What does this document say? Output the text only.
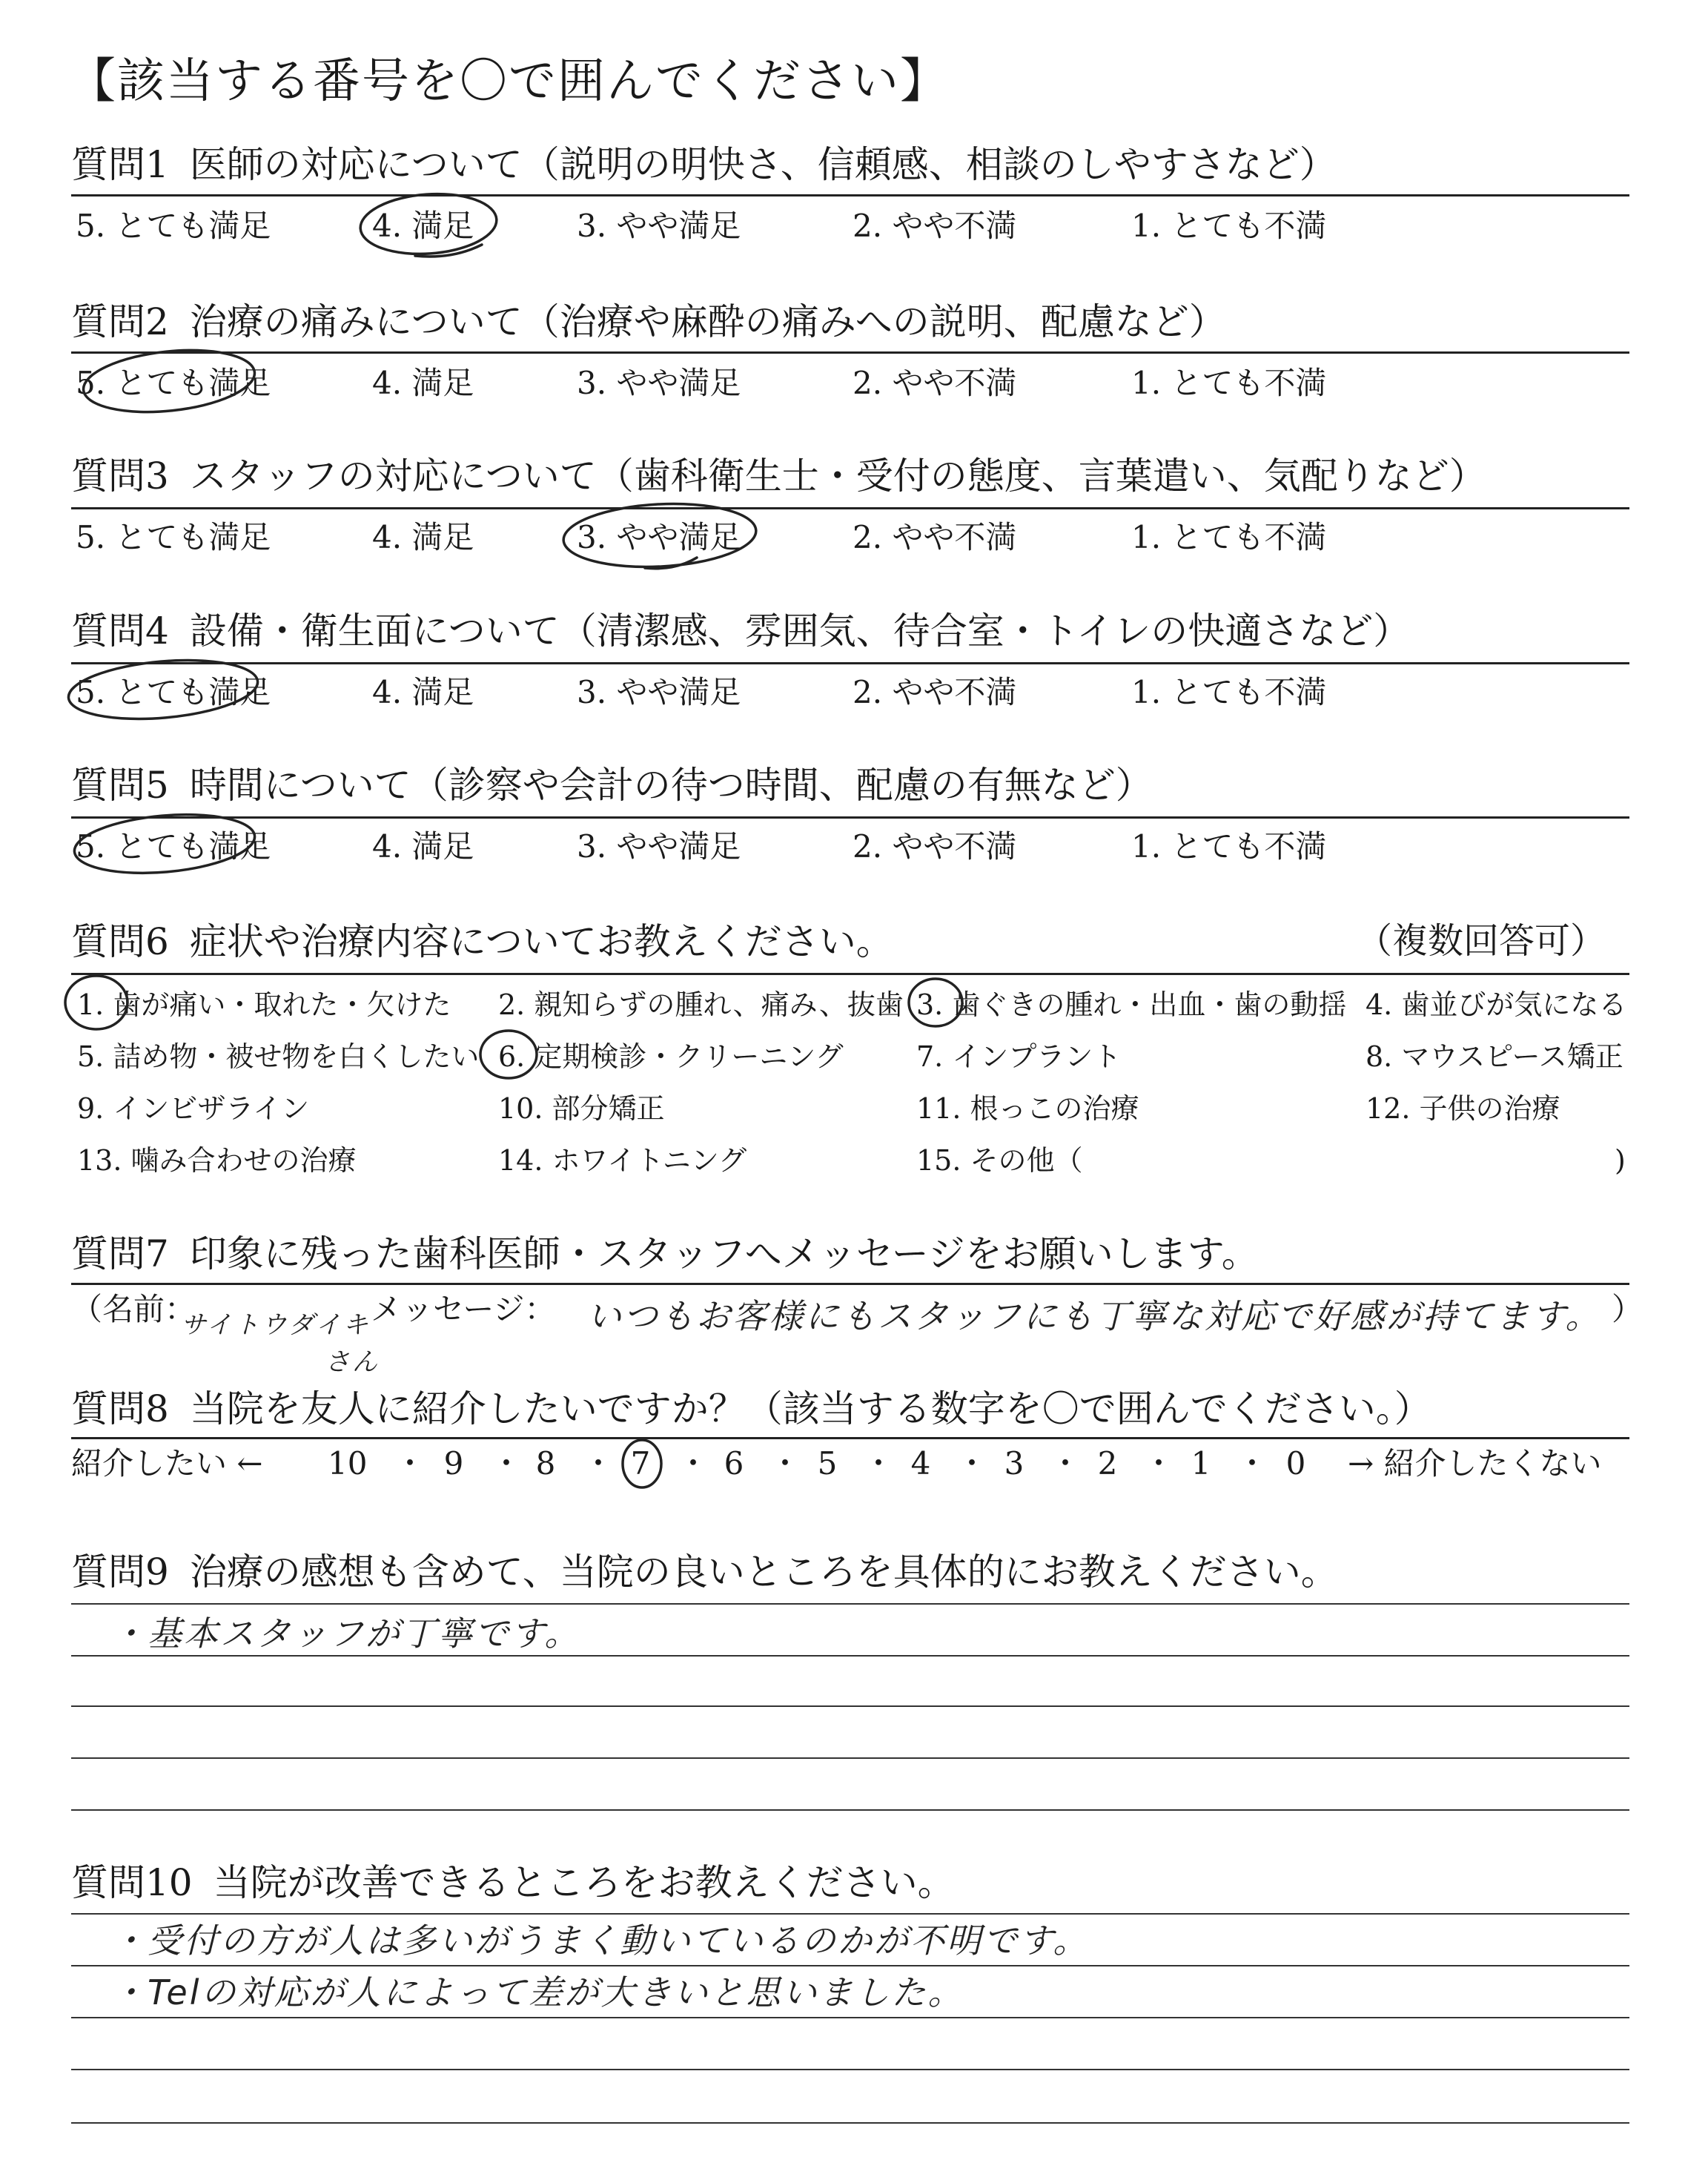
【該当する番号を〇で囲んでください】
質問1 医師の対応について（説明の明快さ、信頼感、相談のしやすさなど）
5. とても満足	4. 満足	3. やや満足	2. やや不満	1. とても不満
質問2 治療の痛みについて（治療や麻酔の痛みへの説明、配慮など）
5. とても満足	4. 満足	3. やや満足	2. やや不満	1. とても不満
質問3 スタッフの対応について（歯科衛生士・受付の態度、言葉遣い、気配りなど）
5. とても満足	4. 満足	3. やや満足	2. やや不満	1. とても不満
質問4 設備・衛生面について（清潔感、雰囲気、待合室・トイレの快適さなど）
5. とても満足	4. 満足	3. やや満足	2. やや不満	1. とても不満
質問5 時間について（診察や会計の待つ時間、配慮の有無など）
5. とても満足	4. 満足	3. やや満足	2. やや不満	1. とても不満
質問6 症状や治療内容についてお教えください。	（複数回答可）
1. 歯が痛い・取れた・欠けた 2. 親知らずの腫れ、痛み、抜歯 3. 歯ぐきの腫れ・出血・歯の動揺 4. 歯並びが気になる
5. 詰め物・被せ物を白くしたい 6. 定期検診・クリーニング	7. インプラント	8. マウスピース矯正
9. インビザライン	10. 部分矯正	11. 根っこの治療	12. 子供の治療
13. 噛み合わせの治療	14. ホワイトニング	15. その他（	)
質問7 印象に残った歯科医師・スタッフへメッセージをお願いします。
（名前：
サイトウダイキ
さん
メッセージ： いつもお客様にもスタッフにも丁寧な対応で好感が持てます。 ）
質問8 当院を友人に紹介したいですか？（該当する数字を〇で囲んでください。）
紹介したい ← 10 ・ 9 ・ 8 ・ 7 ・ 6 ・ 5 ・ 4 ・ 3 ・ 2 ・ 1 ・ 0 → 紹介したくない
質問9 治療の感想も含めて、当院の良いところを具体的にお教えください。
・基本スタッフが丁寧です。
質問10 当院が改善できるところをお教えください。
・受付の方が人は多いがうまく動いているのかが不明です。
・Telの対応が人によって差が大きいと思いました。
